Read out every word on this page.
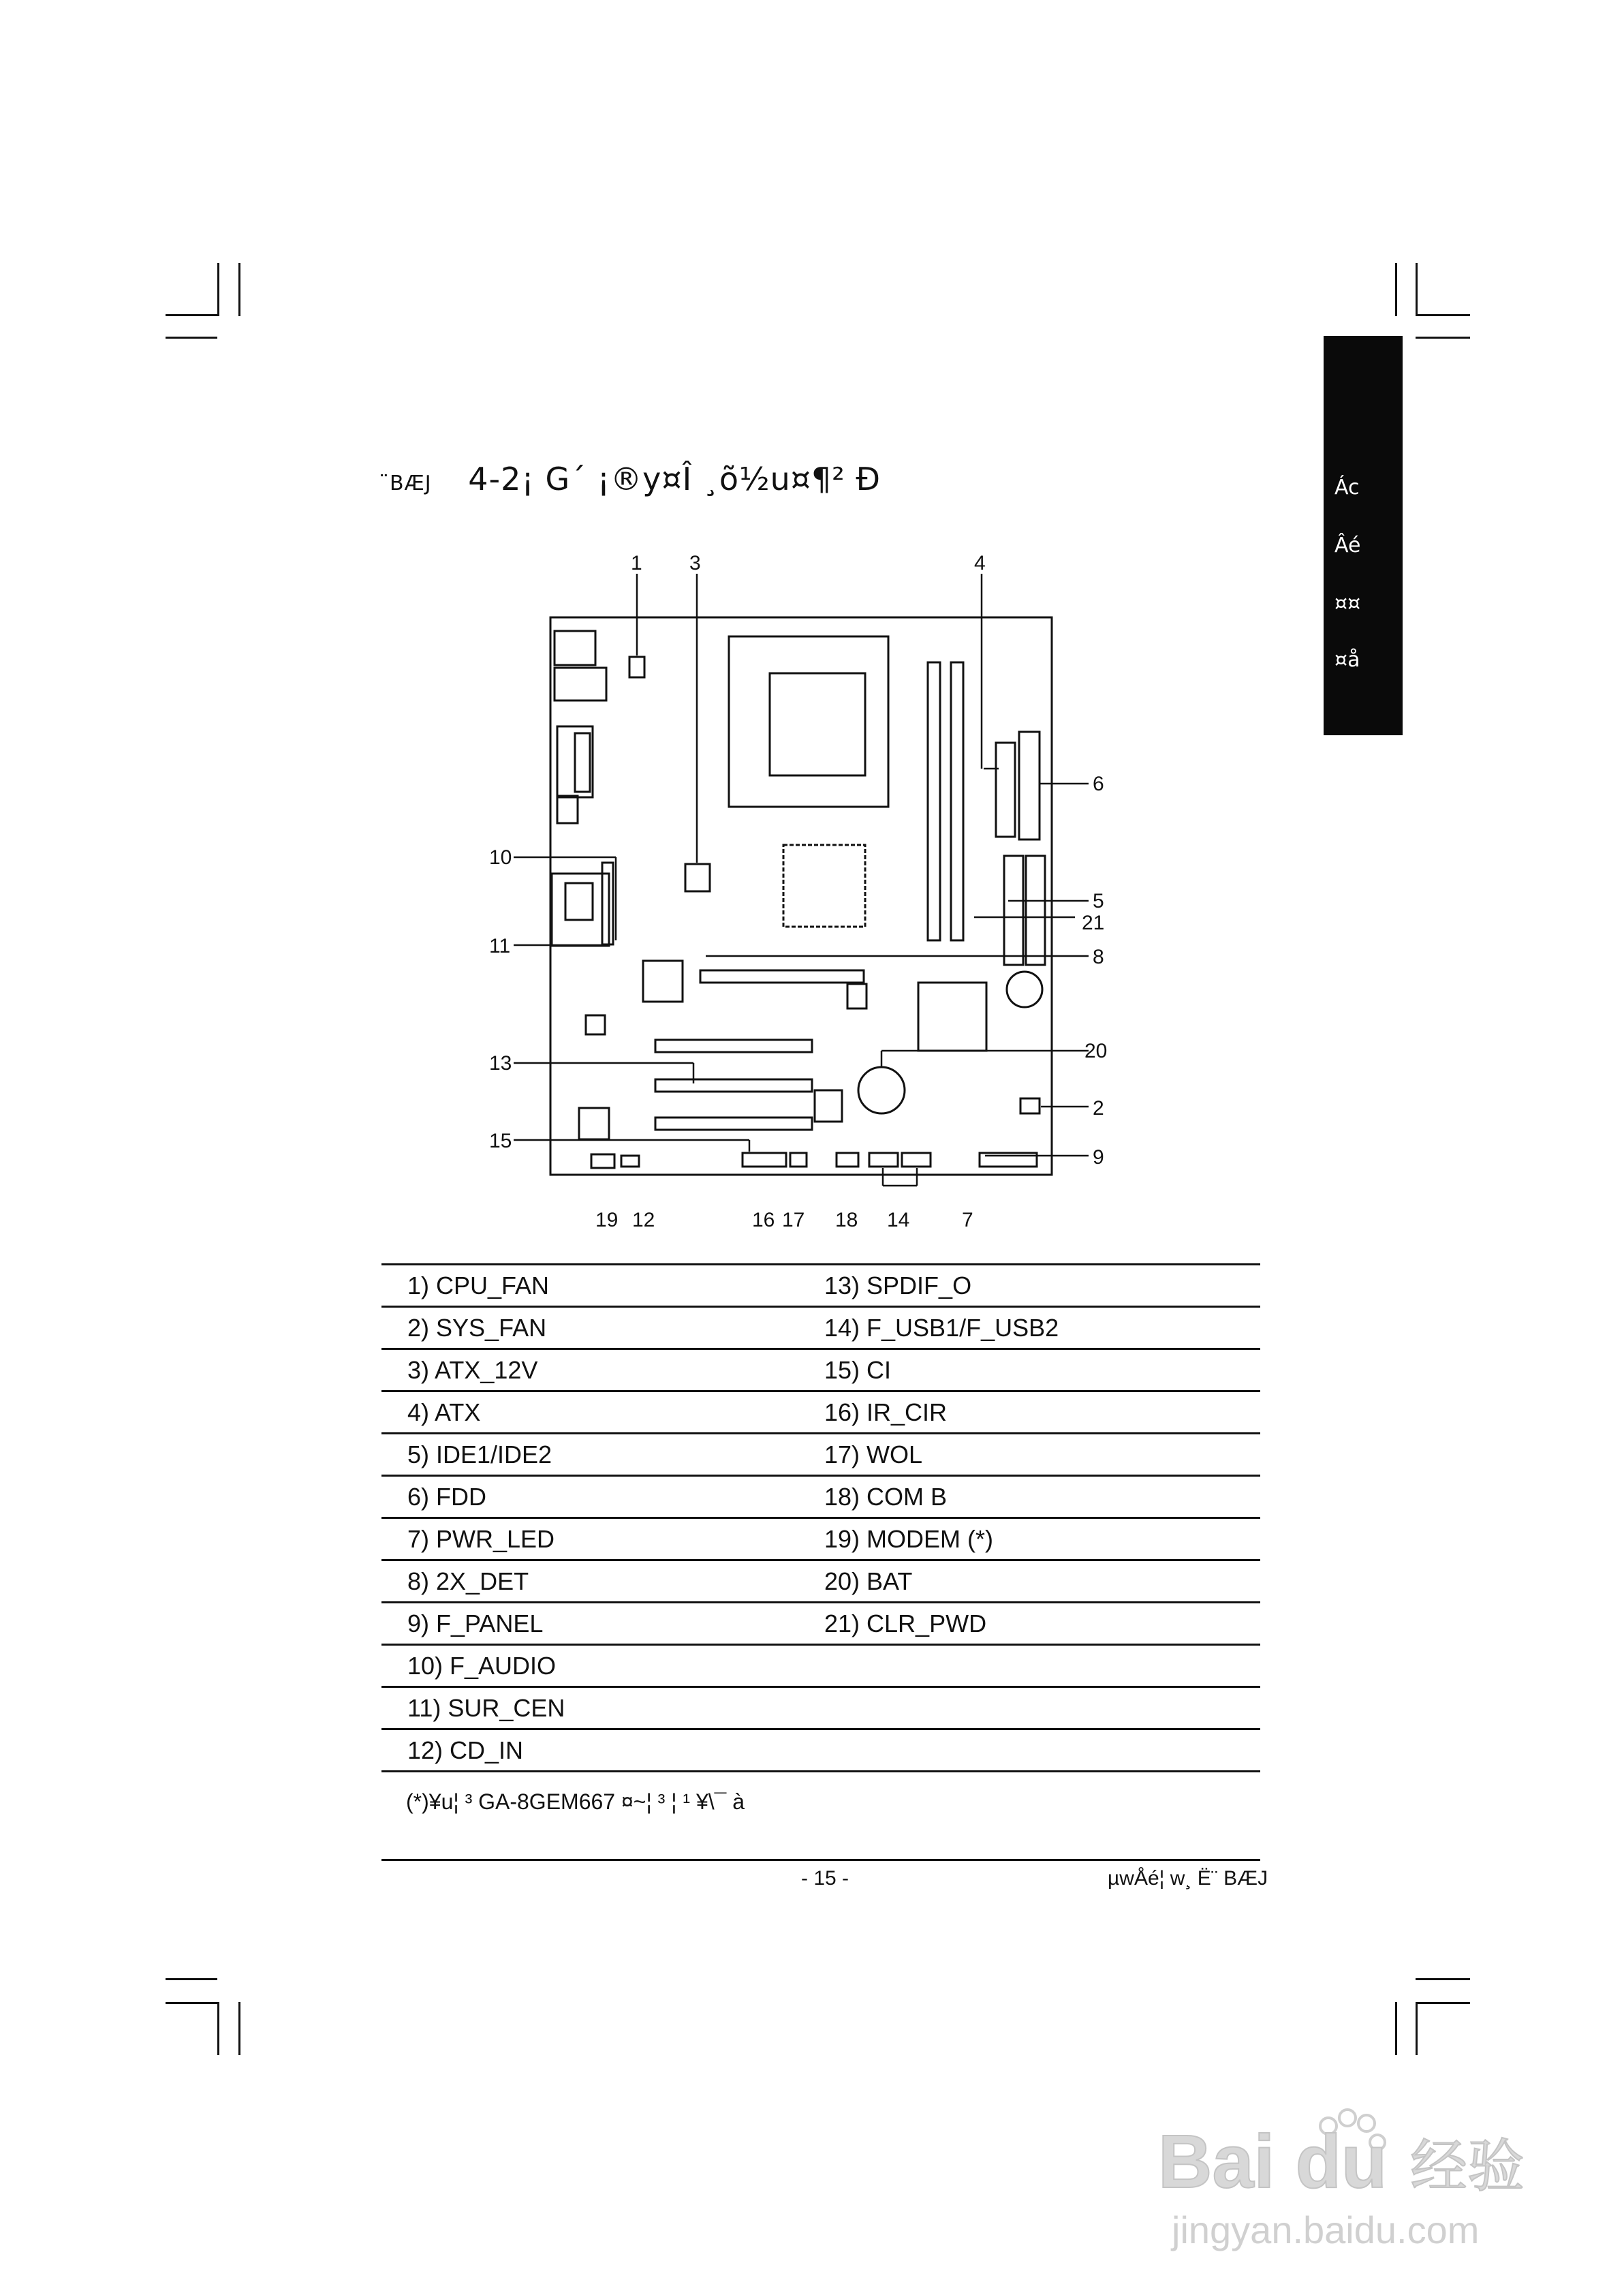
Ác
Âé
¤¤
¤å
¨BÆJ 4-2¡ G´ ¡®y¤Î ¸õ½u¤¶² Ð
1 3	4
6
5
21
8
20
2
9
10
11
13
15
19 12	16 17 18 14	7
1) CPU_FAN	13) SPDIF_O
2) SYS_FAN	14) F_USB1/F_USB2
3) ATX_12V	15) CI
4) ATX	16) IR_CIR
5) IDE1/IDE2	17) WOL
6) FDD	18) COM B
7) PWR_LED	19) MODEM (*)
8) 2X_DET	20) BAT
9) F_PANEL	21) CLR_PWD
10) F_AUDIO	
11) SUR_CEN	
12) CD_IN	
(*)¥u¦ ³ GA-8GEM667 ¤~¦ ³ ¦ ¹ ¥\¯ à
- 15 -	µwÅé¦ w¸ Ë¨ BÆJ
Bai du 经验
jingyan.baidu.com
